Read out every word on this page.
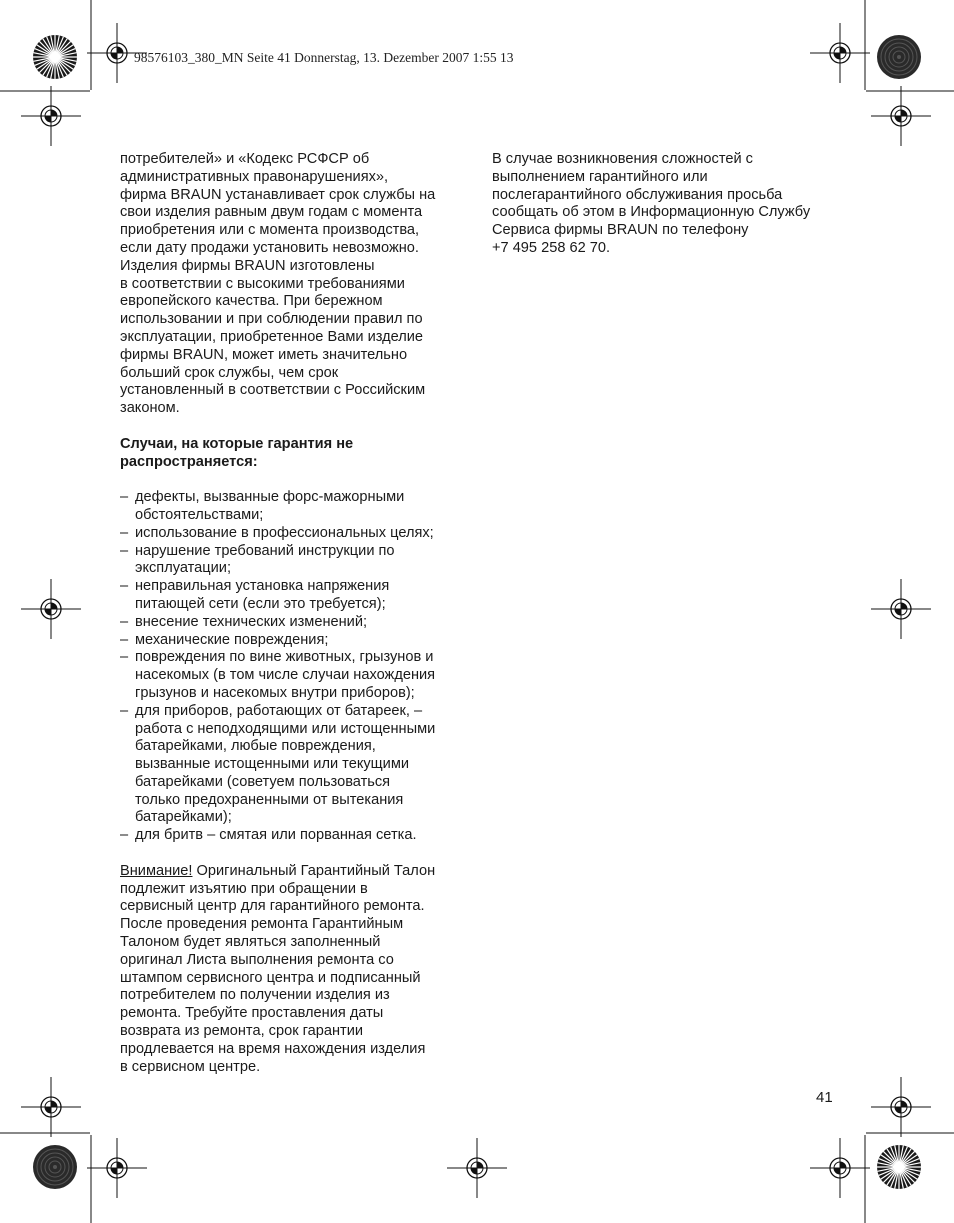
98576103_380_MN Seite 41 Donnerstag, 13. Dezember 2007 1:55 13
потребителей» и «Кодекс РСФСР об
административных правонарушениях»,
фирма BRAUN устанавливает срок службы на
свои изделия равным двум годам с момента
приобретения или с момента производства,
если дату продажи установить невозможно.
Изделия фирмы BRAUN изготовлены
в соответствии с высокими требованиями
европейского качества. При бережном
использовании и при соблюдении правил по
эксплуатации, приобретенное Вами изделие
фирмы BRAUN, может иметь значительно
больший срок службы, чем срок
установленный в соответствии с Российским
законом.
Случаи, на которые гарантия не
распространяется:
– дефекты, вызванные форс-мажорными
обстоятельствами;
– использование в профессиональных целях;
– нарушение требований инструкции по
эксплуатации;
– неправильная установка напряжения
питающей сети (если это требуется);
– внесение технических изменений;
– механические повреждения;
– повреждения по вине животных, грызунов и
насекомых (в том числе случаи нахождения
грызунов и насекомых внутри приборов);
– для приборов, работающих от батареек, –
работа с неподходящими или истощенными
батарейками, любые повреждения,
вызванные истощенными или текущими
батарейками (советуем пользоваться
только предохраненными от вытекания
батарейками);
– для бритв – смятая или порванная сетка.
Внимание! Оригинальный Гарантийный Талон
подлежит изъятию при обращении в
сервисный центр для гарантийного ремонта.
После проведения ремонта Гарантийным
Талоном будет являться заполненный
оригинал Листа выполнения ремонта со
штампом сервисного центра и подписанный
потребителем по получении изделия из
ремонта. Требуйте проставления даты
возврата из ремонта, срок гарантии
продлевается на время нахождения изделия
в сервисном центре.
В случае возникновения сложностей с
выполнением гарантийного или
послегарантийного обслуживания просьба
сообщать об этом в Информационную Службу
Сервиса фирмы BRAUN по телефону
+7 495 258 62 70.
41
